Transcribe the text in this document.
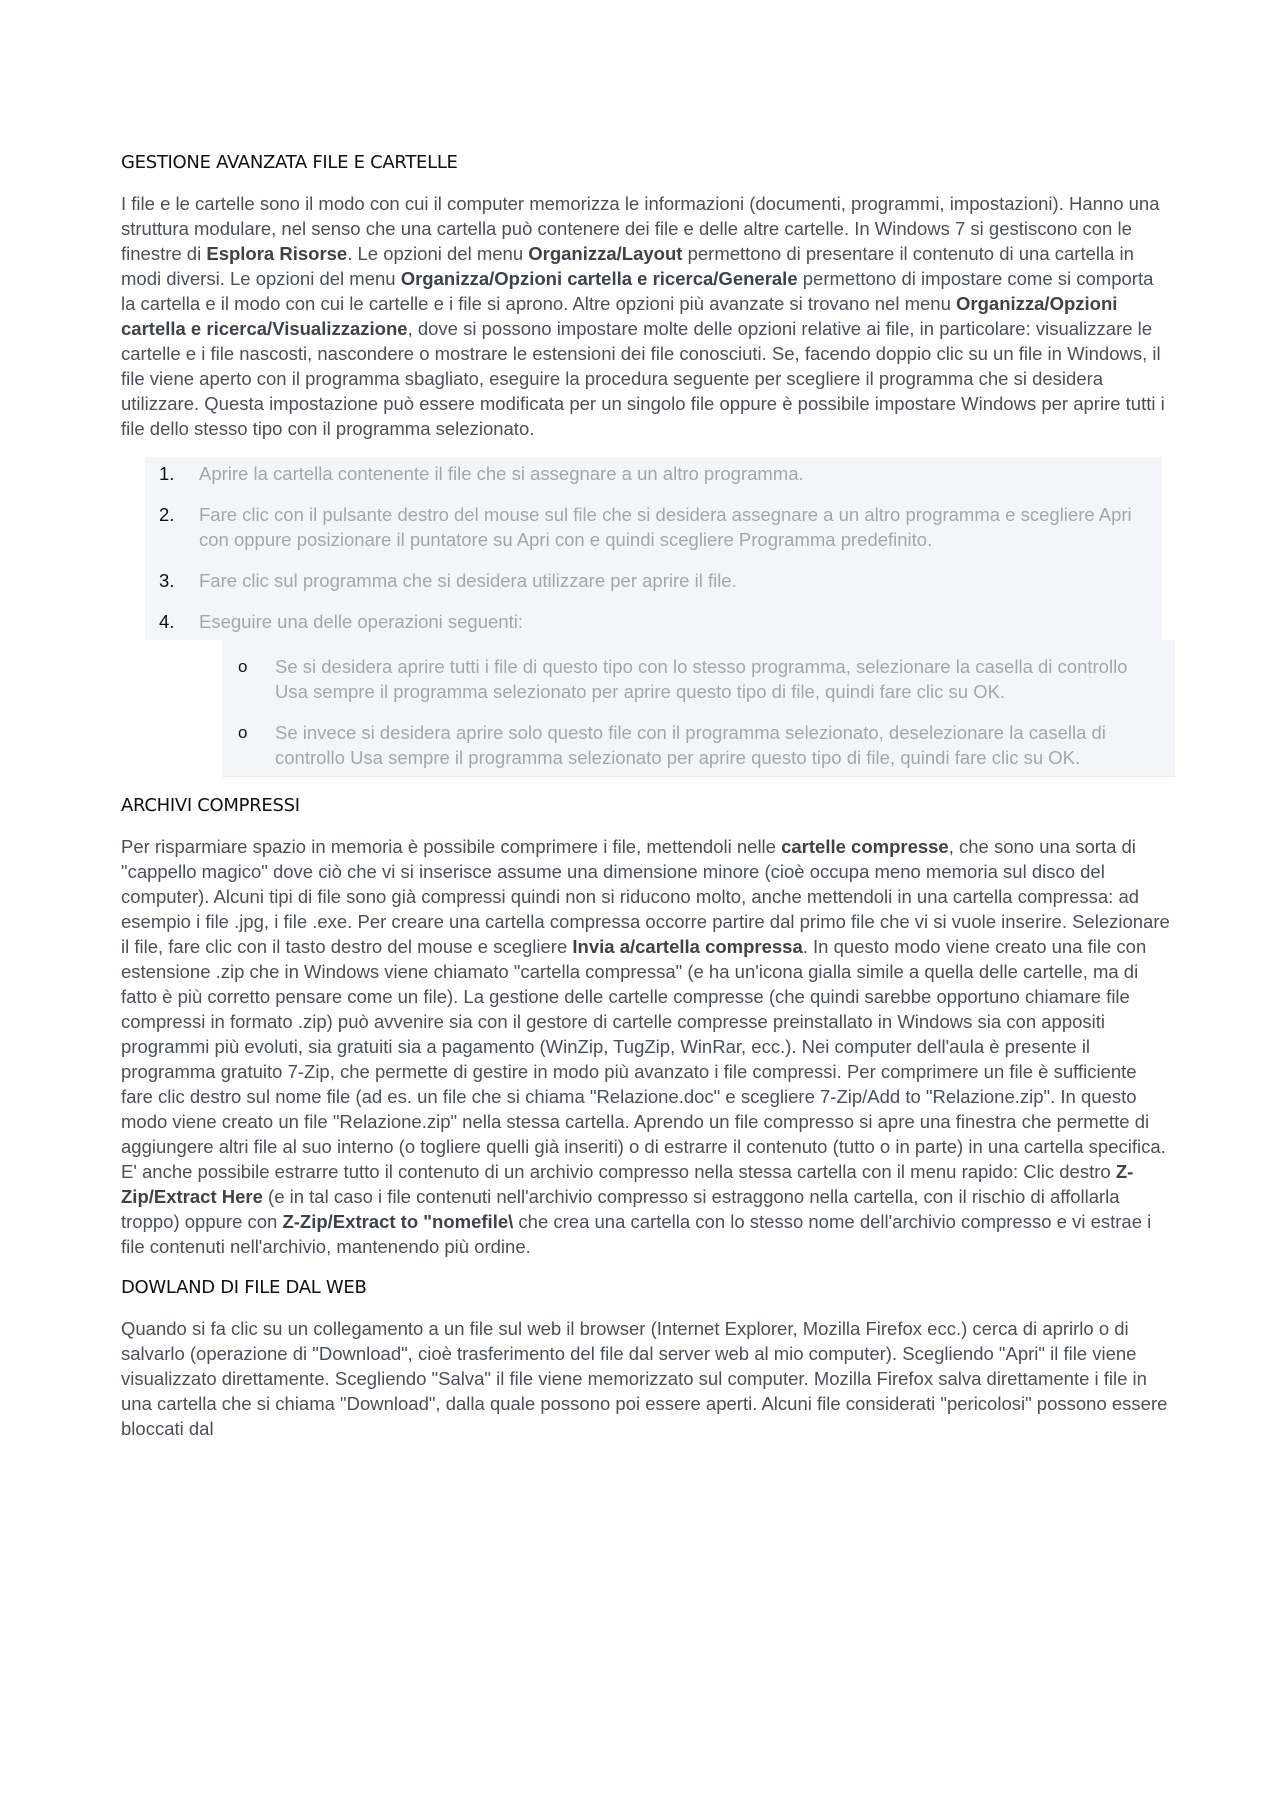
GESTIONE AVANZATA FILE E CARTELLE

I file e le cartelle sono il modo con cui il computer memorizza le informazioni (documenti, programmi, impostazioni). Hanno una struttura modulare, nel senso che una cartella può contenere dei file e delle altre cartelle. In Windows 7 si gestiscono con le finestre di Esplora Risorse. Le opzioni del menu Organizza/Layout permettono di presentare il contenuto di una cartella in modi diversi. Le opzioni del menu Organizza/Opzioni cartella e ricerca/Generale permettono di impostare come si comporta la cartella e il modo con cui le cartelle e i file si aprono. Altre opzioni più avanzate si trovano nel menu Organizza/Opzioni cartella e ricerca/Visualizzazione, dove si possono impostare molte delle opzioni relative ai file, in particolare: visualizzare le cartelle e i file nascosti, nascondere o mostrare le estensioni dei file conosciuti. Se, facendo doppio clic su un file in Windows, il file viene aperto con il programma sbagliato, eseguire la procedura seguente per scegliere il programma che si desidera utilizzare. Questa impostazione può essere modificata per un singolo file oppure è possibile impostare Windows per aprire tutti i file dello stesso tipo con il programma selezionato.

1.	Aprire la cartella contenente il file che si assegnare a un altro programma.
2.	Fare clic con il pulsante destro del mouse sul file che si desidera assegnare a un altro programma e scegliere Apri con oppure posizionare il puntatore su Apri con e quindi scegliere Programma predefinito.
3.	Fare clic sul programma che si desidera utilizzare per aprire il file.
4.	Eseguire una delle operazioni seguenti:
o	Se si desidera aprire tutti i file di questo tipo con lo stesso programma, selezionare la casella di controllo Usa sempre il programma selezionato per aprire questo tipo di file, quindi fare clic su OK.
o	Se invece si desidera aprire solo questo file con il programma selezionato, deselezionare la casella di controllo Usa sempre il programma selezionato per aprire questo tipo di file, quindi fare clic su OK.
ARCHIVI COMPRESSI

Per risparmiare spazio in memoria è possibile comprimere i file, mettendoli nelle cartelle compresse, che sono una sorta di "cappello magico" dove ciò che vi si inserisce assume una dimensione minore (cioè occupa meno memoria sul disco del computer). Alcuni tipi di file sono già compressi quindi non si riducono molto, anche mettendoli in una cartella compressa: ad esempio i file .jpg, i file .exe. Per creare una cartella compressa occorre partire dal primo file che vi si vuole inserire. Selezionare il file, fare clic con il tasto destro del mouse e scegliere Invia a/cartella compressa. In questo modo viene creato una file con estensione .zip che in Windows viene chiamato "cartella compressa" (e ha un'icona gialla simile a quella delle cartelle, ma di fatto è più corretto pensare come un file). La gestione delle cartelle compresse (che quindi sarebbe opportuno chiamare file compressi in formato .zip) può avvenire sia con il gestore di cartelle compresse preinstallato in Windows sia con appositi programmi più evoluti, sia gratuiti sia a pagamento (WinZip, TugZip, WinRar, ecc.). Nei computer dell'aula è presente il programma gratuito 7-Zip, che permette di gestire in modo più avanzato i file compressi. Per comprimere un file è sufficiente fare clic destro sul nome file (ad es. un file che si chiama "Relazione.doc" e scegliere 7-Zip/Add to "Relazione.zip". In questo modo viene creato un file "Relazione.zip" nella stessa cartella. Aprendo un file compresso si apre una finestra che permette di aggiungere altri file al suo interno (o togliere quelli già inseriti) o di estrarre il contenuto (tutto o in parte) in una cartella specifica. E' anche possibile estrarre tutto il contenuto di un archivio compresso nella stessa cartella con il menu rapido: Clic destro Z-Zip/Extract Here (e in tal caso i file contenuti nell'archivio compresso si estraggono nella cartella, con il rischio di affollarla troppo) oppure con Z-Zip/Extract to "nomefile\ che crea una cartella con lo stesso nome dell'archivio compresso e vi estrae i file contenuti nell'archivio, mantenendo più ordine.

DOWLAND DI FILE DAL WEB

Quando si fa clic su un collegamento a un file sul web il browser (Internet Explorer, Mozilla Firefox ecc.) cerca di aprirlo o di salvarlo (operazione di "Download", cioè trasferimento del file dal server web al mio computer). Scegliendo "Apri" il file viene visualizzato direttamente. Scegliendo "Salva" il file viene memorizzato sul computer. Mozilla Firefox salva direttamente i file in una cartella che si chiama "Download", dalla quale possono poi essere aperti. Alcuni file considerati "pericolosi" possono essere bloccati dal
